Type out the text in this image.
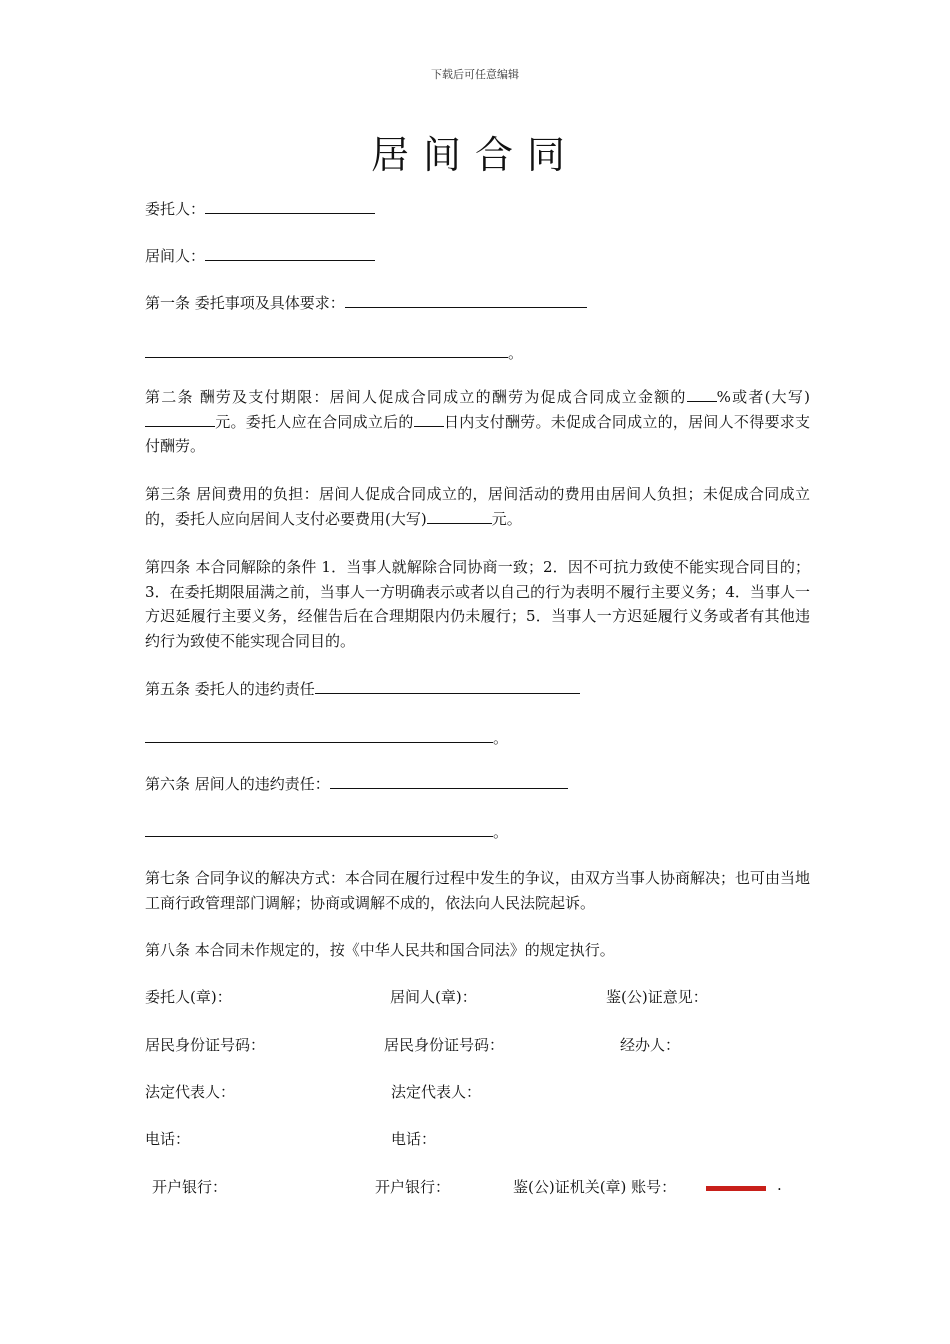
下载后可任意编辑
居间合同
委托人：
居间人：
第一条 委托事项及具体要求：
。
第二条 酬劳及支付期限：居间人促成合同成立的酬劳为促成合同成立金额的 %或者(大写)元。委托人应在合同成立后的 日内支付酬劳。未促成合同成立的，居间人不得要求支付酬劳。
第三条 居间费用的负担：居间人促成合同成立的，居间活动的费用由居间人负担；未促成合同成立的，委托人应向居间人支付必要费用(大写)	元。
第四条 本合同解除的条件 1．当事人就解除合同协商一致；2．因不可抗力致使不能实现合同目的；3．在委托期限届满之前，当事人一方明确表示或者以自己的行为表明不履行主要义务；4．当事人一方迟延履行主要义务，经催告后在合理期限内仍未履行；5．当事人一方迟延履行义务或者有其他违约行为致使不能实现合同目的。
第五条 委托人的违约责任
。
第六条 居间人的违约责任：
。
第七条 合同争议的解决方式：本合同在履行过程中发生的争议，由双方当事人协商解决；也可由当地工商行政管理部门调解；协商或调解不成的，依法向人民法院起诉。
第八条 本合同未作规定的，按《中华人民共和国合同法》的规定执行。
委托人(章)：	居间人(章)：	鉴(公)证意见：
居民身份证号码：	居民身份证号码：	经办人：
法定代表人：	法定代表人：
电话：	电话：
开户银行：	开户银行：	鉴(公)证机关(章) 账号：	.
